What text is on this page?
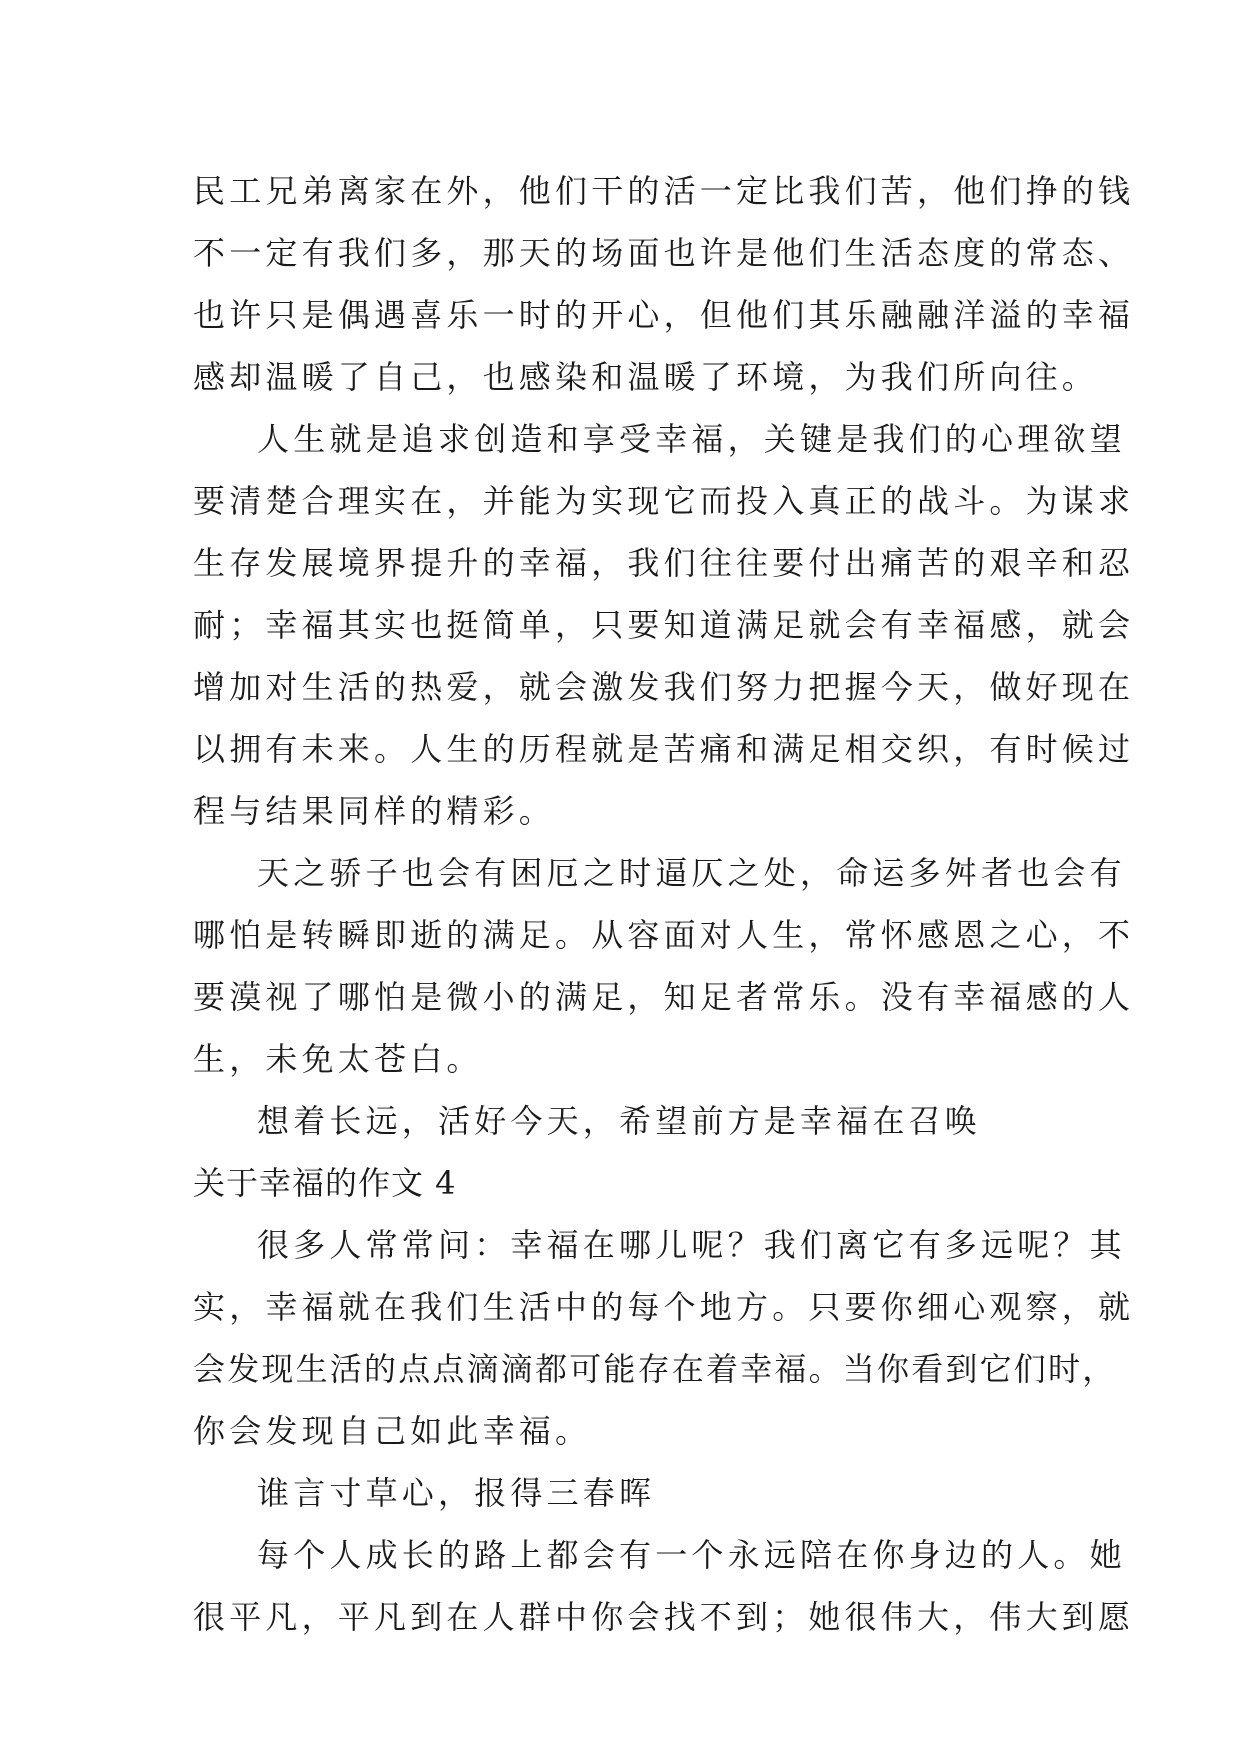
民工兄弟离家在外，他们干的活一定比我们苦，他们挣的钱
不一定有我们多，那天的场面也许是他们生活态度的常态、
也许只是偶遇喜乐一时的开心，但他们其乐融融洋溢的幸福
感却温暖了自己，也感染和温暖了环境，为我们所向往。

人生就是追求创造和享受幸福，关键是我们的心理欲望
要清楚合理实在，并能为实现它而投入真正的战斗。为谋求
生存发展境界提升的幸福，我们往往要付出痛苦的艰辛和忍
耐；幸福其实也挺简单，只要知道满足就会有幸福感，就会
增加对生活的热爱，就会激发我们努力把握今天，做好现在
以拥有未来。人生的历程就是苦痛和满足相交织，有时候过
程与结果同样的精彩。

天之骄子也会有困厄之时逼仄之处，命运多舛者也会有
哪怕是转瞬即逝的满足。从容面对人生，常怀感恩之心，不
要漠视了哪怕是微小的满足，知足者常乐。没有幸福感的人
生，未免太苍白。

想着长远，活好今天，希望前方是幸福在召唤

关于幸福的作文 4

很多人常常问：幸福在哪儿呢？我们离它有多远呢？其
实，幸福就在我们生活中的每个地方。只要你细心观察，就
会发现生活的点点滴滴都可能存在着幸福。当你看到它们时，
你会发现自己如此幸福。

谁言寸草心，报得三春晖

每个人成长的路上都会有一个永远陪在你身边的人。她
很平凡，平凡到在人群中你会找不到；她很伟大，伟大到愿
